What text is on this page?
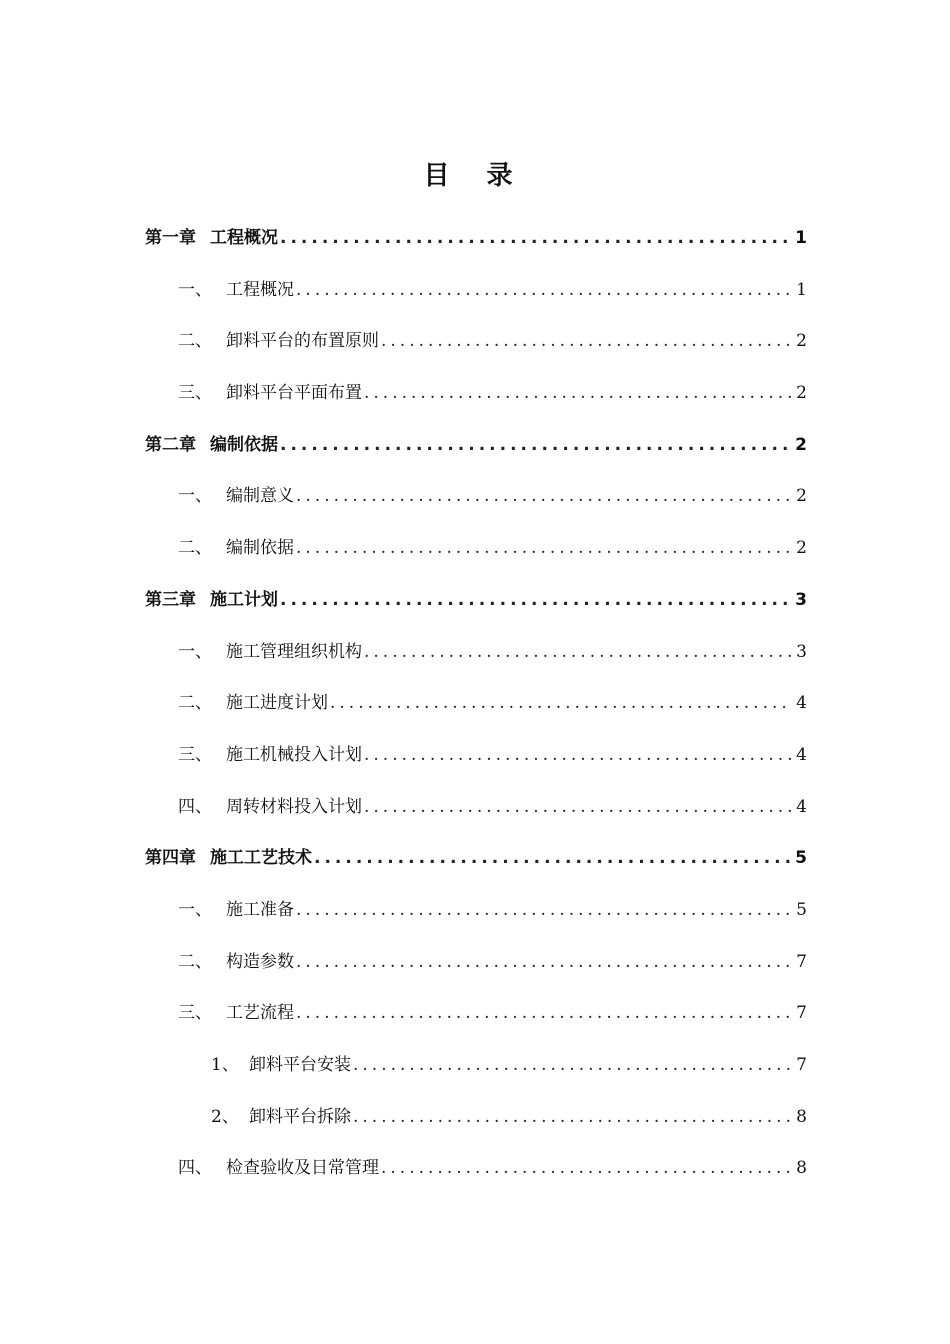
目 录
第一章 工程概况 .....	1
一、 工程概况 .....	1
二、 卸料平台的布置原则 .....	2
三、 卸料平台平面布置 .....	2
第二章 编制依据 .....	2
一、 编制意义 .....	2
二、 编制依据 .....	2
第三章 施工计划 .....	3
一、 施工管理组织机构 .....	3
二、 施工进度计划 .....	4
三、 施工机械投入计划 .....	4
四、 周转材料投入计划 .....	4
第四章 施工工艺技术 .....	5
一、 施工准备 .....	5
二、 构造参数 .....	7
三、 工艺流程 .....	7
1、 卸料平台安装 .....	7
2、 卸料平台拆除 .....	8
四、 检查验收及日常管理 .....	8
